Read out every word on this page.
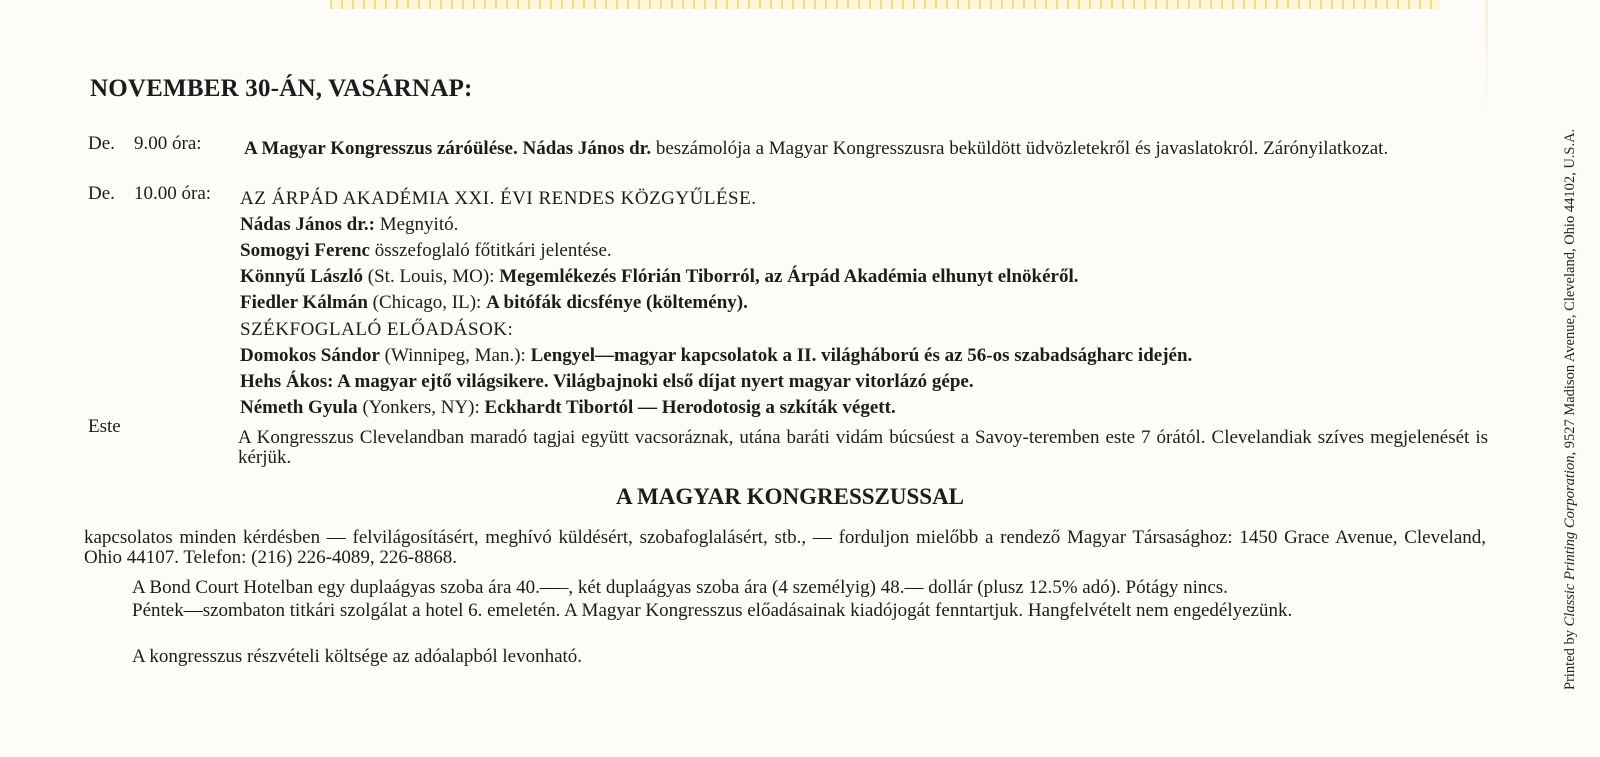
NOVEMBER 30-ÁN, VASÁRNAP:
De. 9.00 óra: A Magyar Kongresszus záróülése. Nádas János dr. beszámolója a Magyar Kongresszusra beküldött üdvözletekről és javaslatokról. Zárónyilatkozat.
De. 10.00 óra: AZ ÁRPÁD AKADÉMIA XXI. ÉVI RENDES KÖZGYŰLÉSE.
Nádas János dr.: Megnyitó.
Somogyi Ferenc összefoglaló főtitkári jelentése.
Könnyű László (St. Louis, MO): Megemlékezés Flórián Tiborról, az Árpád Akadémia elhunyt elnökéről.
Fiedler Kálmán (Chicago, IL): A bitófák dicsfénye (költemény).
SZÉKFOGLALÓ ELŐADÁSOK:
Domokos Sándor (Winnipeg, Man.): Lengyel—magyar kapcsolatok a II. világháború és az 56-os szabadságharc idején.
Hehs Ákos: A magyar ejtő világsikere. Világbajnoki első díjat nyert magyar vitorlázó gépe.
Németh Gyula (Yonkers, NY): Eckhardt Tibortól — Herodotosig a szkíták végett.
Este
A Kongresszus Clevelandban maradó tagjai együtt vacsoráznak, utána baráti vidám búcsúest a Savoy-teremben este 7 órától. Clevelandiak szíves megjelenését is kérjük.
A MAGYAR KONGRESSZUSSAL

kapcsolatos minden kérdésben — felvilágosításért, meghívó küldésért, szobafoglalásért, stb., — forduljon mielőbb a rendező Magyar Társasághoz: 1450 Grace Avenue, Cleveland, Ohio 44107. Telefon: (216) 226-4089, 226-8868.

A Bond Court Hotelban egy duplaágyas szoba ára 40.—–, két duplaágyas szoba ára (4 személyig) 48.— dollár (plusz 12.5% adó). Pótágy nincs.

Péntek—szombaton titkári szolgálat a hotel 6. emeletén. A Magyar Kongresszus előadásainak kiadójogát fenntartjuk. Hangfelvételt nem engedélyezünk.

A kongresszus részvételi költsége az adóalapból levonható.	Printed by Classic Printing Corporation, 9527 Madison Avenue, Cleveland, Ohio 44102, U.S.A.
